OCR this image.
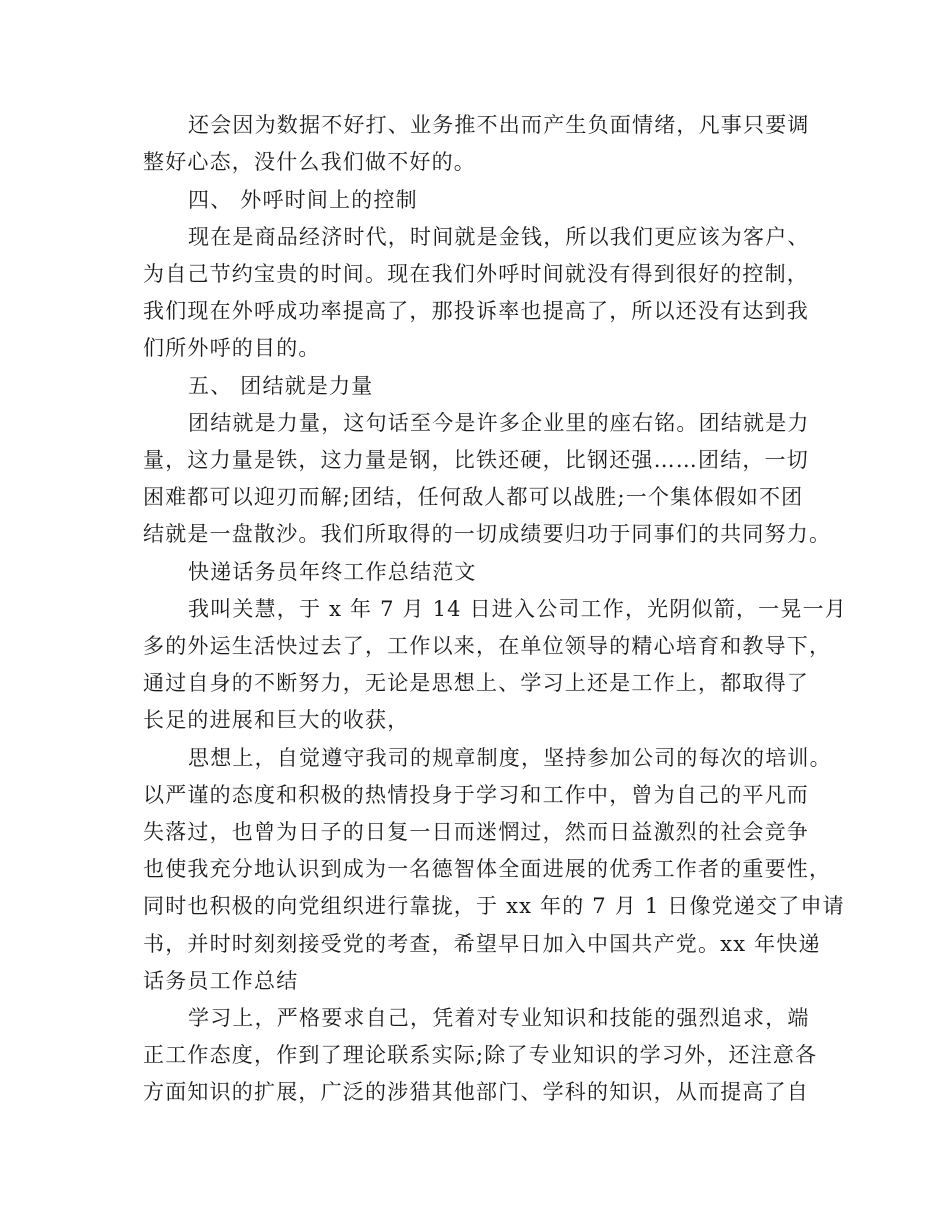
还会因为数据不好打、业务推不出而产生负面情绪，凡事只要调
整好心态，没什么我们做不好的。
四、 外呼时间上的控制
现在是商品经济时代，时间就是金钱，所以我们更应该为客户、
为自己节约宝贵的时间。现在我们外呼时间就没有得到很好的控制，
我们现在外呼成功率提高了，那投诉率也提高了，所以还没有达到我
们所外呼的目的。
五、 团结就是力量
团结就是力量，这句话至今是许多企业里的座右铭。团结就是力
量，这力量是铁，这力量是钢，比铁还硬，比钢还强……团结，一切
困难都可以迎刃而解;团结，任何敌人都可以战胜;一个集体假如不团
结就是一盘散沙。我们所取得的一切成绩要归功于同事们的共同努力。
快递话务员年终工作总结范文
我叫关慧，于 x 年 7 月 14 日进入公司工作，光阴似箭，一晃一月
多的外运生活快过去了，工作以来，在单位领导的精心培育和教导下，
通过自身的不断努力，无论是思想上、学习上还是工作上，都取得了
长足的进展和巨大的收获，
思想上，自觉遵守我司的规章制度，坚持参加公司的每次的培训。
以严谨的态度和积极的热情投身于学习和工作中，曾为自己的平凡而
失落过，也曾为日子的日复一日而迷惘过，然而日益激烈的社会竞争
也使我充分地认识到成为一名德智体全面进展的优秀工作者的重要性，
同时也积极的向党组织进行靠拢，于 xx 年的 7 月 1 日像党递交了申请
书，并时时刻刻接受党的考查，希望早日加入中国共产党。xx 年快递
话务员工作总结
学习上，严格要求自己，凭着对专业知识和技能的强烈追求，端
正工作态度，作到了理论联系实际;除了专业知识的学习外，还注意各
方面知识的扩展，广泛的涉猎其他部门、学科的知识，从而提高了自
